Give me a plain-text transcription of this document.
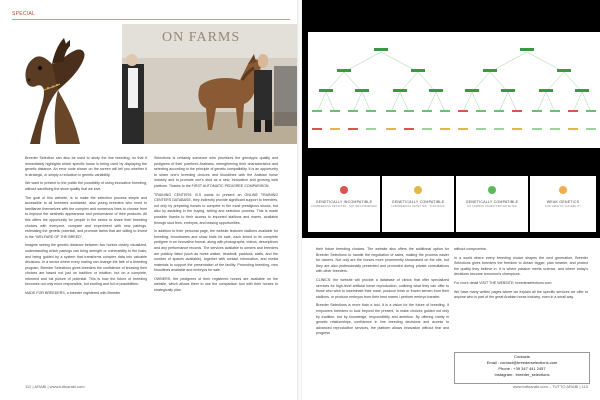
SPECIAL
ON FARMS

Breeder Selection can also be used to study the line breeding, so that it immediately highlights which specific horse is being used by displaying the genetic distance. An error code shown on the screen will tell you whether it is strategic, or simply a reduction in genetic variability.

We want to present to the public the possibility of using innovative breeding, without sacrificing the show quality that we love.

The goal of this website, is to make the selection process simple and accessible to all breeders worldwide, also young breeders who need to familiarize themselves with the complex and numerous lines to choose from to improve the aesthetic appearance and performance of their products. All this offers the opportunity for people in the sector to share their breeding choices with everyone, compare and experiment with new pairings, estimating the genetic potential, and promote farms that are willing to invest in the "WELFARE OF THE BREED".

Imagine seeing the genetic distance between two horses clearly visualized, understanding which pairings can bring strength or vulnerability to the foals, and being guided by a system that transforms complex data into valuable decisions. In a sector where every mating can change the fate of a breeding program, Breeder Selections gives breeders the confidence of knowing their choices are based not just on tradition or intuition, but on a complete, informed and full picture of potential. This is how the future of breeding becomes not only more responsible, but exciting and full of possibilities.

MADE FOR BREEDERS, a breeder registered with Breeder

Selections is certainly someone who prioritizes the genotypic quality and pedigrees of their purebred Arabians, strengthening their characteristics and selecting according to the principle of genetic compatibility. It is an opportunity to share one's breeding choices and bloodlines with the Arabian horse industry and to promote one's stud as a new, innovative and growing web platform. Thanks to the FIRST AUTOMATIC PEDIGREE COMPARISON.

TRAINING CENTERS: B.S wants to present an ONLINE TRAINING CENTERS DATABASE, they indirectly provide significant support to breeders, not only by preparing horses to compete in the most prestigious shows, but also by assisting in the buying, selling and selection process. This is made possible thanks to their access to imported stallions and mares, available through stud fees, embryos, and leasing opportunities.

In addition to their personal page, the website features stallions available for breeding, broodmares and show foals for sale, each linked to its complete pedigree in an innovative format, along with photographs, videos, descriptions and any performance records. The services available to owners and breeders are publicly listed (such as horse walker, treadmill, paddock, stalls, and the number of spaces available), together with contact information, and media materials to support the presentation of the facility. Promoting breeding, new bloodlines available and embryos for sale.

OWNERS: the pedigrees of their registered horses are available on the website, which allows them to use the comparison tool with their horses to strategically plan

112 | ARABI | www.tuttoarabi.com
GENETICALLY INCOMPATIBLE
LINEBREEDING DETECTED · NOT RECOMMENDED
GENETICALLY COMPATIBLE
LINEBREEDING DETECTED · STRATEGIC
GENETICALLY COMPATIBLE
NO COMMON ANCESTORS DETECTED
WEAK GENETICS
LOW GENETIC VARIABILITY

their future breeding choices. The website also offers the additional option for Breeder Selections to handle the negotiation of sales, making the process easier for owners. Not only are the horses more prominently showcased on the site, but they are also professionally presented and promoted during private consultations with other breeders.

CLINICS: the website will provide a database of clinics that offer specialized services for high-level artificial horse reproduction, outlining what they can offer to those who wish to inseminate their mare, produce fresh or frozen semen from their stallions, or produce embryos from their best mares / perform embryo transfer.

Breeder Selections is more than a tool, it is a vision for the future of breeding. It empowers breeders to look beyond the present, to make choices guided not only by tradition, but by knowledge, responsibility and ambition. By offering clarity in genetic relationships, confidence in line breeding decisions and access to advanced reproductive services, the platform allows innovation without fear and progress

without compromise.

In a world where every breeding choice shapes the next generation, Breeder Selections gives breeders the freedom to dream bigger, plan smarter, and protect the quality they believe in. It is where passion meets science, and where today's decisions become tomorrow's champions.

For more detail VISIT THE WEBSITE: breederselections.com

We have many written pages where we explain all the specific services we offer to anyone who is part of the great Arabian horse industry, even in a small way.

Contacts
Email : contact@breederselections.com
Phone : +39 347 441 2457
Instagram : breeder_selections
www.tuttoarabi.com – TUTTO ARABI | 113
